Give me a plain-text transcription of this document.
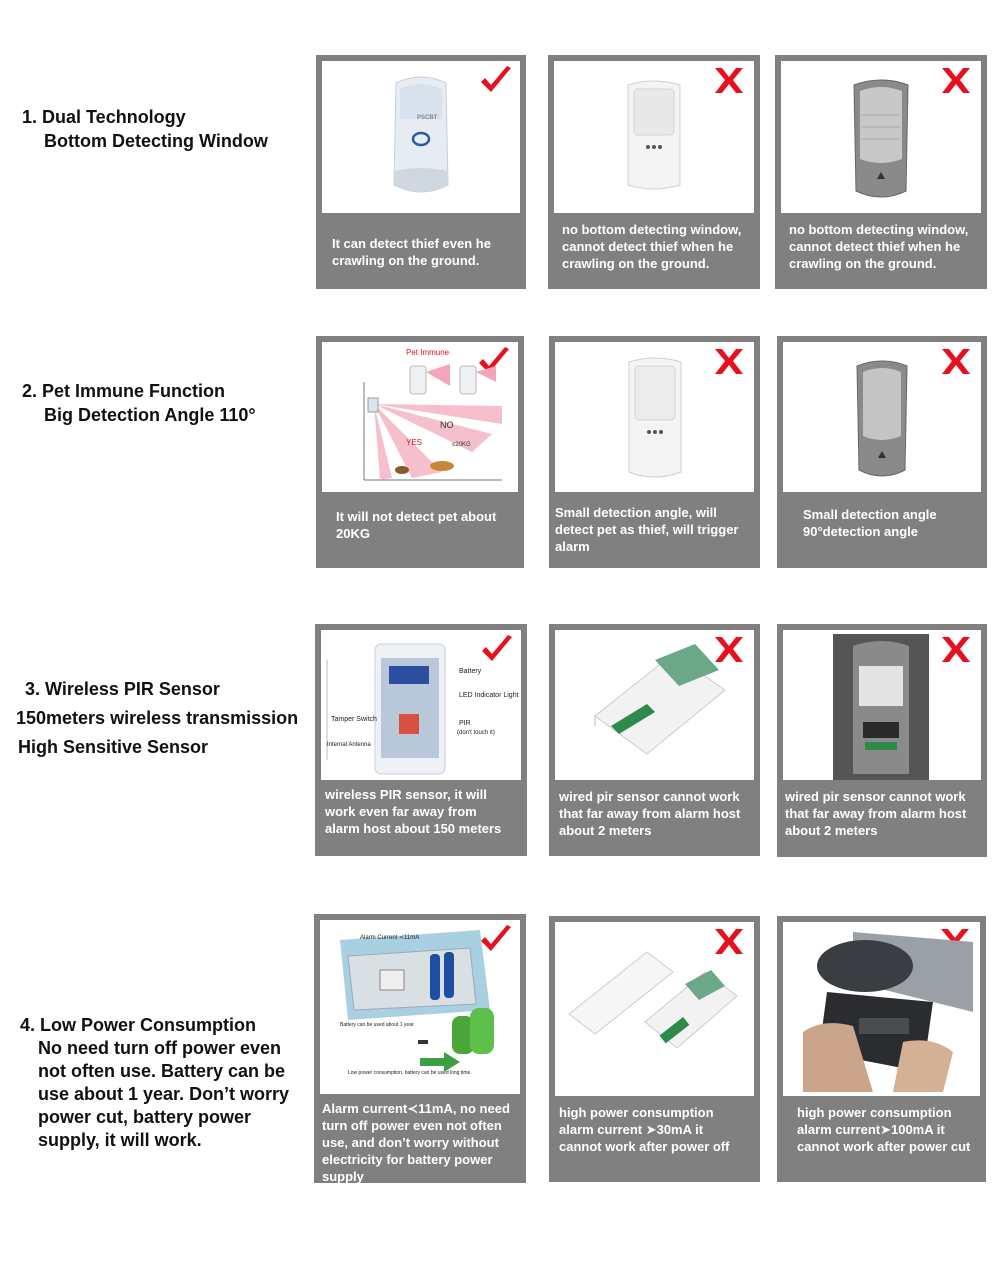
1. Dual Technology
Bottom Detecting Window
2. Pet Immune Function
Big Detection Angle 110°
3. Wireless PIR Sensor
150meters wireless transmission
High Sensitive Sensor
4. Low Power Consumption
No need turn off power even
not often use. Battery can be
use about 1 year. Don’t worry
power cut, battery power
supply, it will work.
PSCBT
It can detect thief even he crawling on the ground.
no bottom detecting window, cannot detect thief when he crawling on the ground.
no bottom detecting window, cannot detect thief when he crawling on the ground.
Pet Immune
NO
YES	≤20KG
It will not detect pet about 20KG
Small detection angle, will detect pet as thief, will trigger alarm
Small detection angle 90°detection angle
Battery
LED Indicator Light
Tamper Switch
PIR
(don't touch it)
Internal Antenna
wireless PIR sensor, it will work even far away from alarm host about 150 meters
wired pir sensor cannot work that far away from alarm host about 2 meters
wired pir sensor cannot work that far away from alarm host about 2 meters
Alarm Current ≺11mA
Battery can be used about 1 year
Low power consumption, battery can be used long time.
Alarm current≺11mA, no need turn off power even not often use, and don’t worry without electricity for battery power supply
high power consumption alarm current ➤30mA it cannot work after power off
high power consumption alarm current➤100mA it cannot work after power cut
